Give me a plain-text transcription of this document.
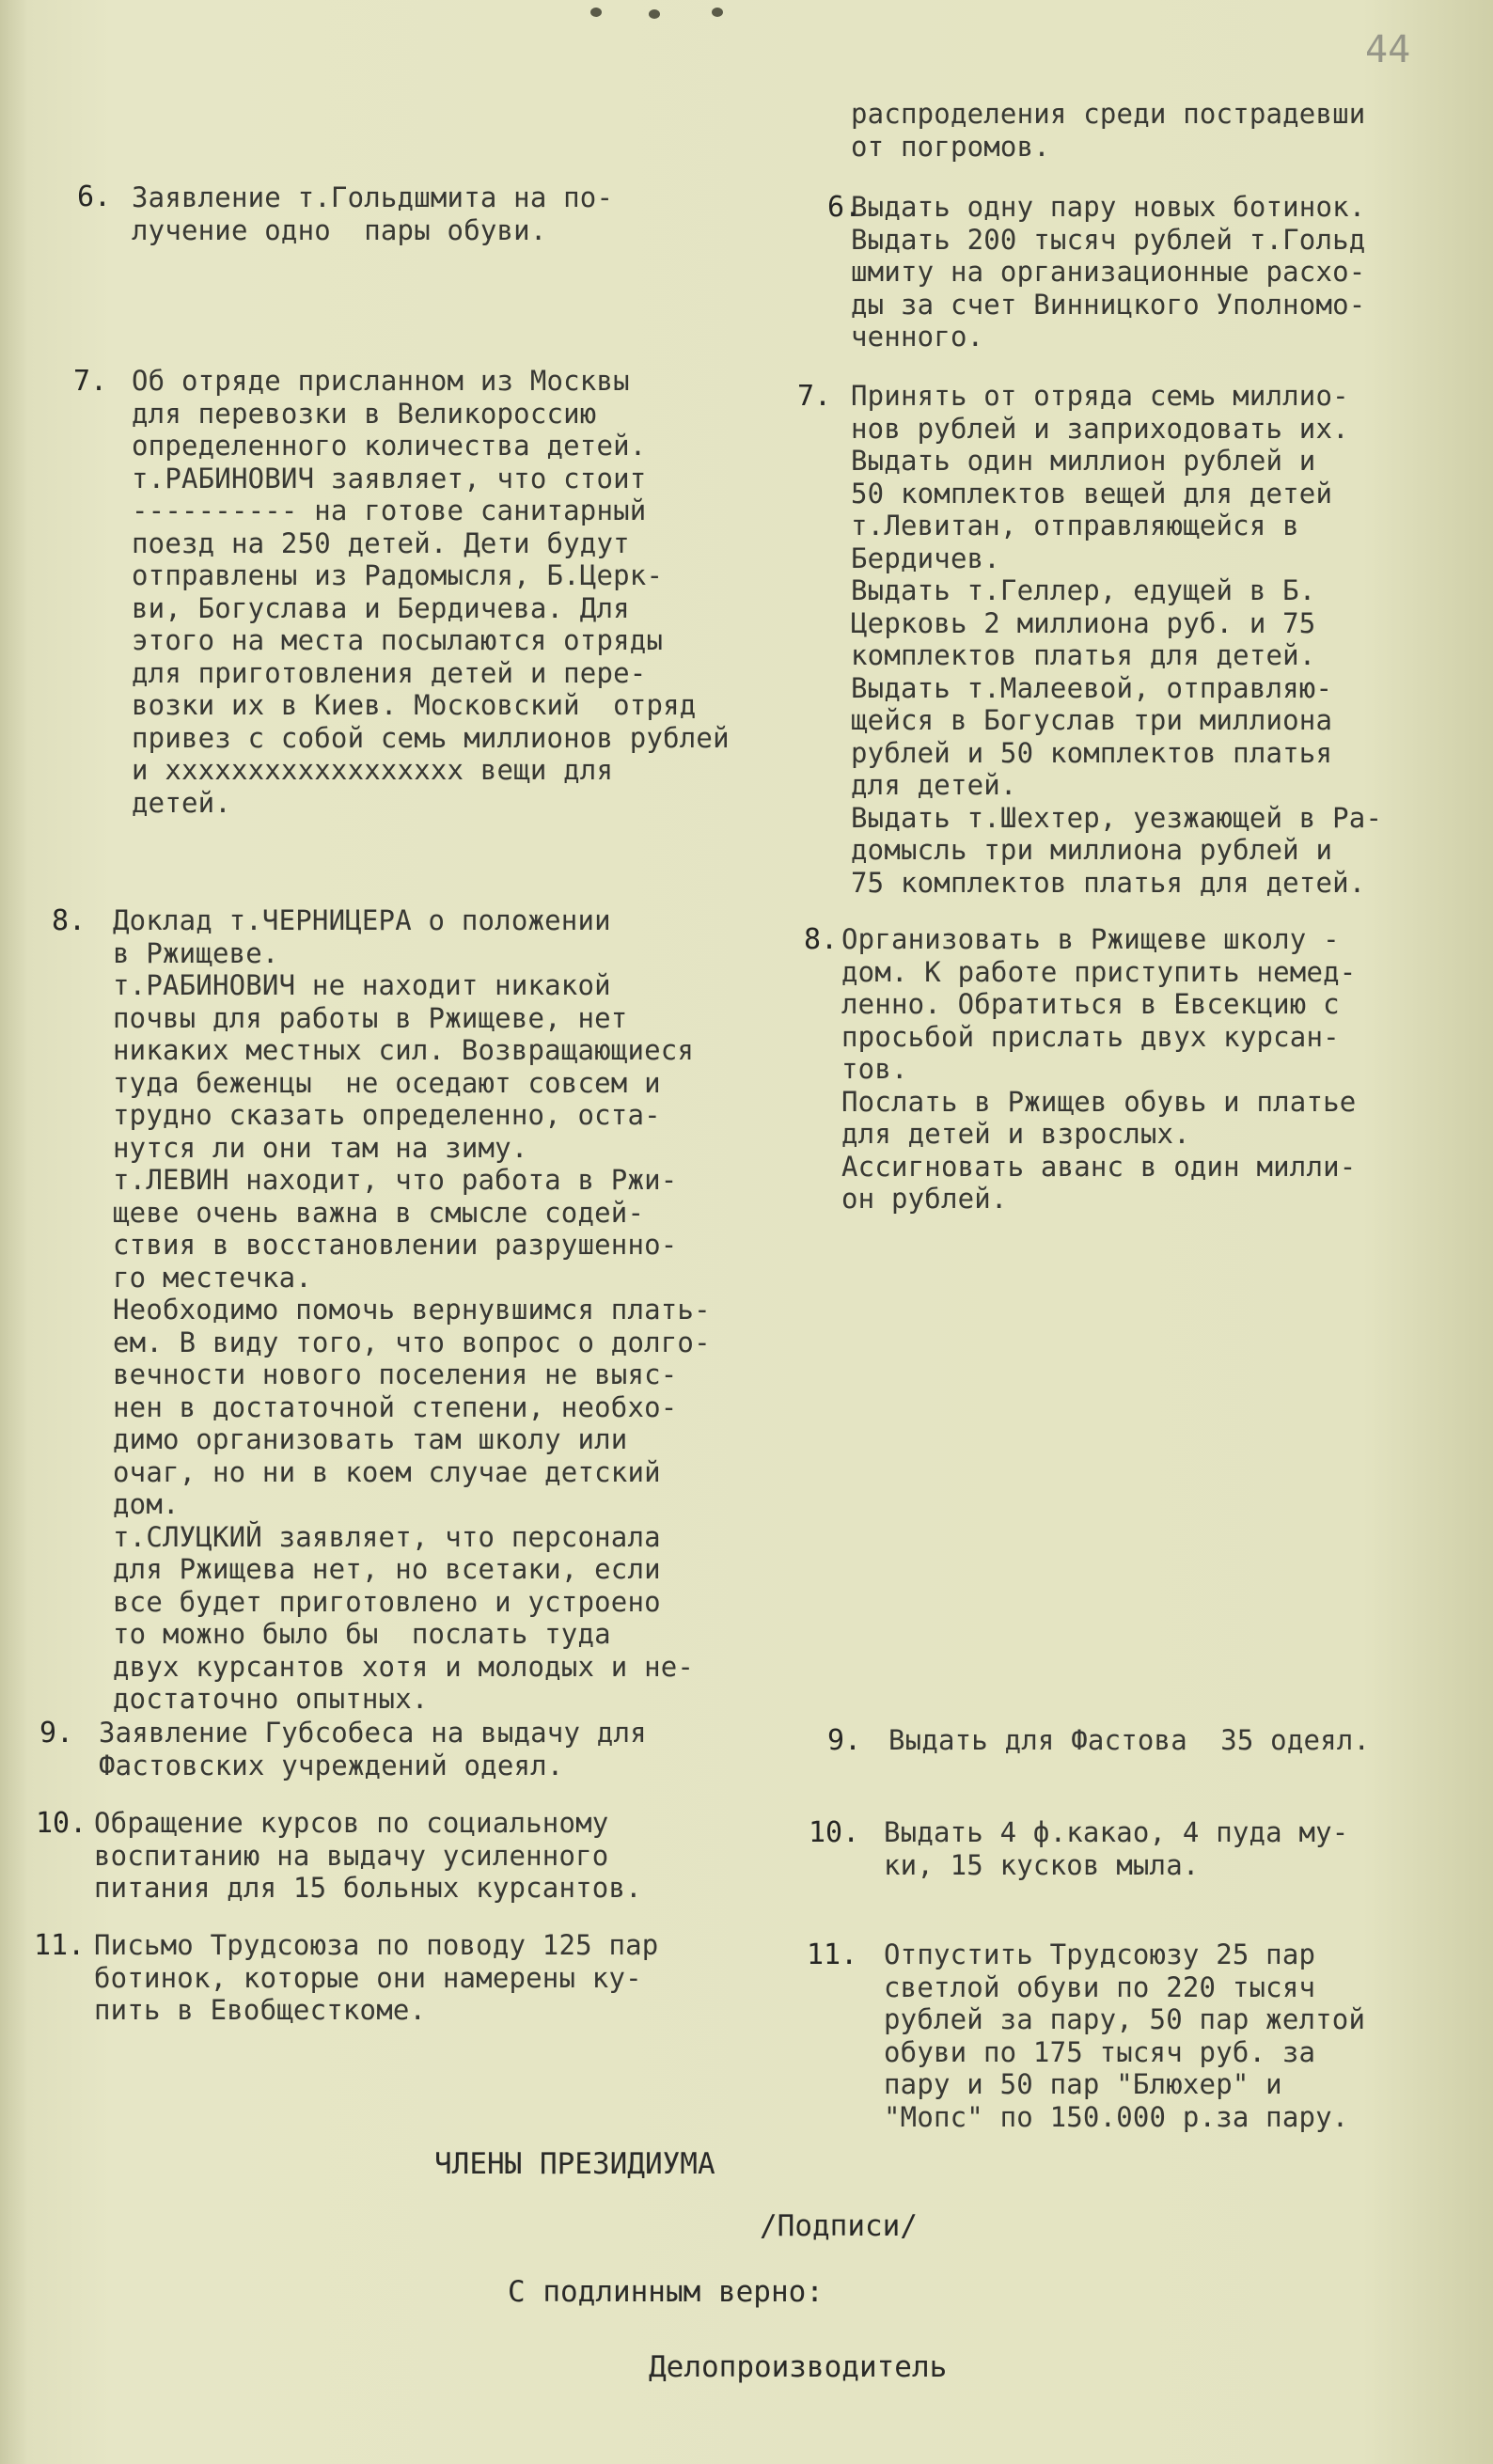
44
распроделения среди пострадевши
от погромов.
6. Заявление т.Гольдшмита на по-
лучение одно  пары обуви.
6.
Выдать одну пару новых ботинок.
Выдать 200 тысяч рублей т.Гольд
шмиту на организационные расхо-
ды за счет Винницкого Уполномо-
ченного.
7. Об отряде присланном из Москвы
для перевозки в Великороссию
определенного количества детей.
т.РАБИНОВИЧ заявляет, что стоит
---------- на готове санитарный
поезд на 250 детей. Дети будут
отправлены из Радомысля, Б.Церк-
ви, Богуслава и Бердичева. Для
этого на места посылаются отряды
для приготовления детей и пере-
возки их в Киев. Московский  отряд
привез с собой семь миллионов рублей
и хххххххххххххххххх вещи для
детей.
7. Принять от отряда семь миллио-
нов рублей и заприходовать их.
Выдать один миллион рублей и
50 комплектов вещей для детей
т.Левитан, отправляющейся в
Бердичев.
Выдать т.Геллер, едущей в Б.
Церковь 2 миллиона руб. и 75
комплектов платья для детей.
Выдать т.Малеевой, отправляю-
щейся в Богуслав три миллиона
рублей и 50 комплектов платья
для детей.
Выдать т.Шехтер, уезжающей в Ра-
домысль три миллиона рублей и
75 комплектов платья для детей.
8. Доклад т.ЧЕРНИЦЕРА о положении
в Ржищеве.
т.РАБИНОВИЧ не находит никакой
почвы для работы в Ржищеве, нет
никаких местных сил. Возвращающиеся
туда беженцы  не оседают совсем и
трудно сказать определенно, оста-
нутся ли они там на зиму.
т.ЛЕВИН находит, что работа в Ржи-
щеве очень важна в смысле содей-
ствия в восстановлении разрушенно-
го местечка.
Необходимо помочь вернувшимся плать-
ем. В виду того, что вопрос о долго-
вечности нового поселения не выяс-
нен в достаточной степени, необхо-
димо организовать там школу или
очаг, но ни в коем случае детский
дом.
т.СЛУЦКИЙ заявляет, что персонала
для Ржищева нет, но всетаки, если
все будет приготовлено и устроено
то можно было бы  послать туда
двух курсантов хотя и молодых и не-
достаточно опытных.
8. Организовать в Ржищеве школу -
дом. К работе приступить немед-
ленно. Обратиться в Евсекцию с
просьбой прислать двух курсан-
тов.
Послать в Ржищев обувь и платье
для детей и взрослых.
Ассигновать аванс в один милли-
он рублей.
9. Заявление Губсобеса на выдачу для
Фастовских учреждений одеял.
9. Выдать для Фастова  35 одеял.
10. Обращение курсов по социальному
воспитанию на выдачу усиленного
питания для 15 больных курсантов.
10. Выдать 4 ф.какао, 4 пуда му-
ки, 15 кусков мыла.
11. Письмо Трудсоюза по поводу 125 пар
ботинок, которые они намерены ку-
пить в Евобщесткоме.
11. Отпустить Трудсоюзу 25 пар
светлой обуви по 220 тысяч
рублей за пару, 50 пар желтой
обуви по 175 тысяч руб. за
пару и 50 пар "Блюхер" и
"Мопс" по 150.000 р.за пару.
ЧЛЕНЫ ПРЕЗИДИУМА
/Подписи/
С подлинным верно:
Делопроизводитель
